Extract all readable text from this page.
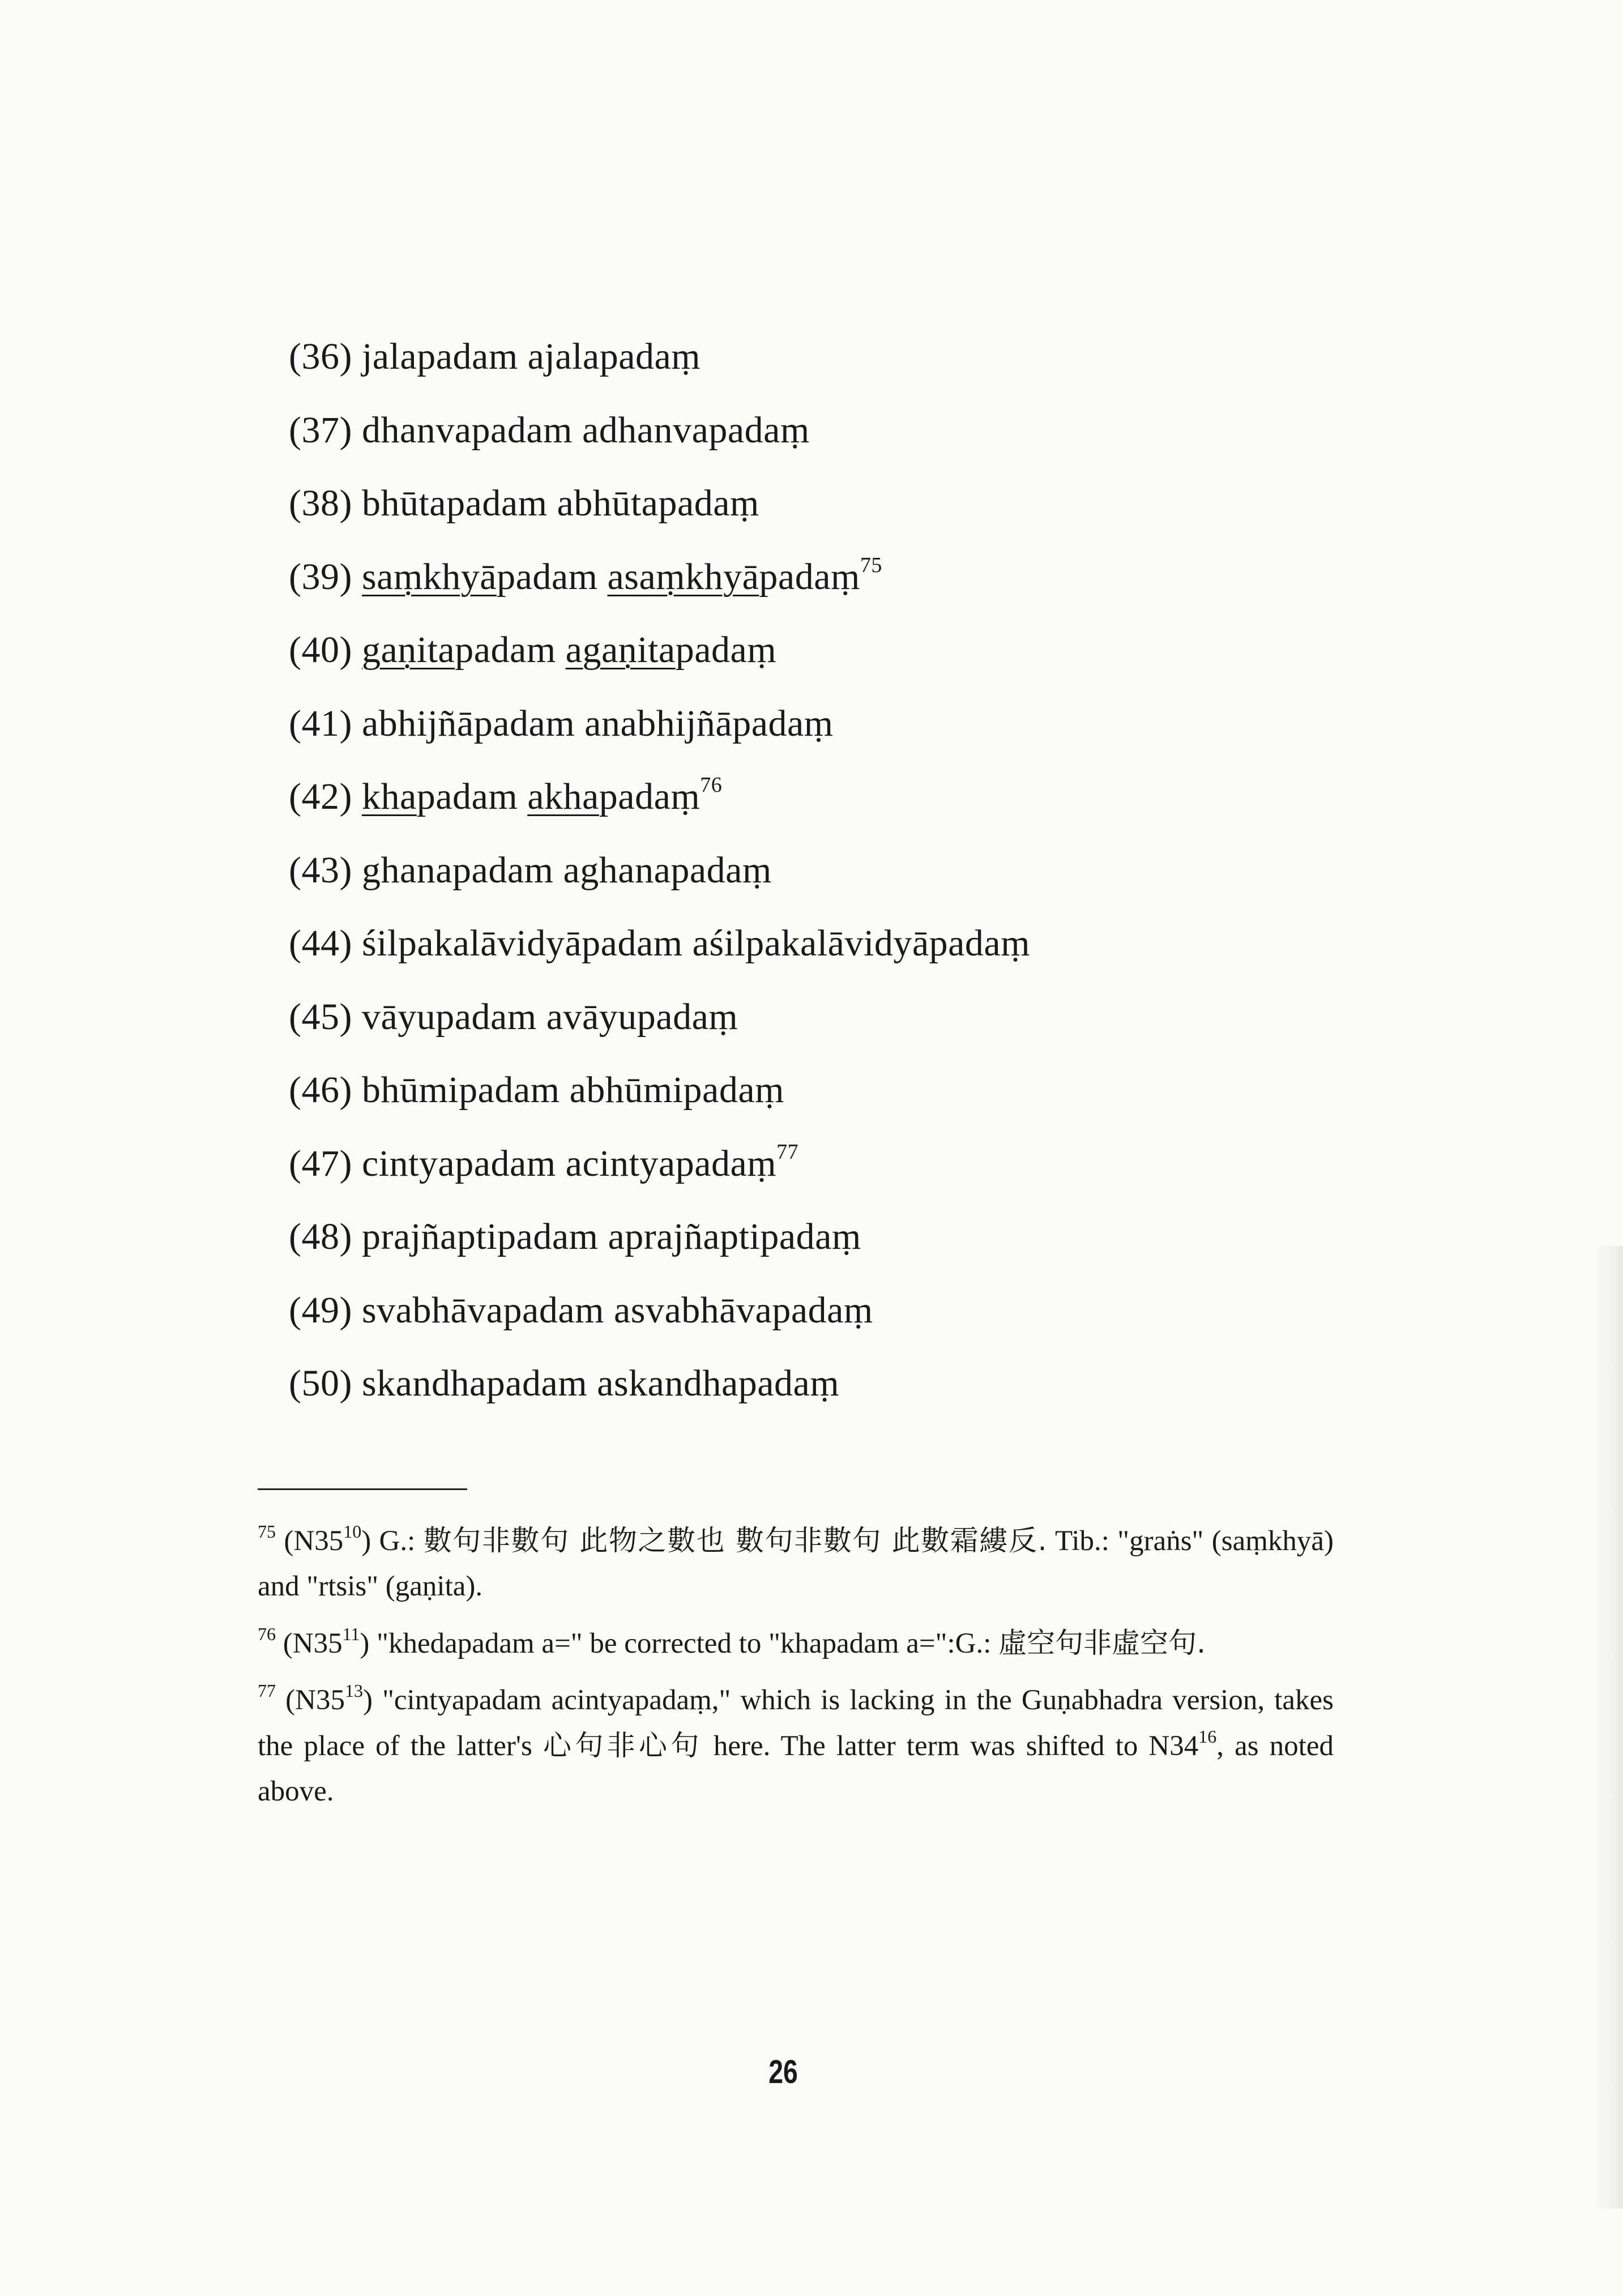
(36) jalapadam ajalapadaṃ
(37) dhanvapadam adhanvapadaṃ
(38) bhūtapadam abhūtapadaṃ
(39) saṃkhyāpadam asaṃkhyāpadaṃ$^{75}$
(40) gaṇitapadam agaṇitapadaṃ
(41) abhijñāpadam anabhijñāpadaṃ
(42) khapadam akhapadaṃ$^{76}$
(43) ghanapadam aghanapadaṃ
(44) śilpakalāvidyāpadam aśilpakalāvidyāpadaṃ
(45) vāyupadam avāyupadaṃ
(46) bhūmipadam abhūmipadaṃ
(47) cintyapadam acintyapadaṃ$^{77}$
(48) prajñaptipadam aprajñaptipadaṃ
(49) svabhāvapadam asvabhāvapadaṃ
(50) skandhapadam askandhapadaṃ

$^{75}$ (N35$^{10}$) G.: 數句非數句 此物之數也 數句非數句 此數霜縷反. Tib.: "graṅs" (saṃkhyā) and "rtsis" (gaṇita).

$^{76}$ (N35$^{11}$) "khedapadam a=" be corrected to "khapadam a=":G.: 虛空句非虛空句.

$^{77}$ (N35$^{13}$) "cintyapadam acintyapadaṃ," which is lacking in the Guṇabhadra version, takes the place of the latter's 心句非心句 here. The latter term was shifted to N34$^{16}$, as noted above.

26
